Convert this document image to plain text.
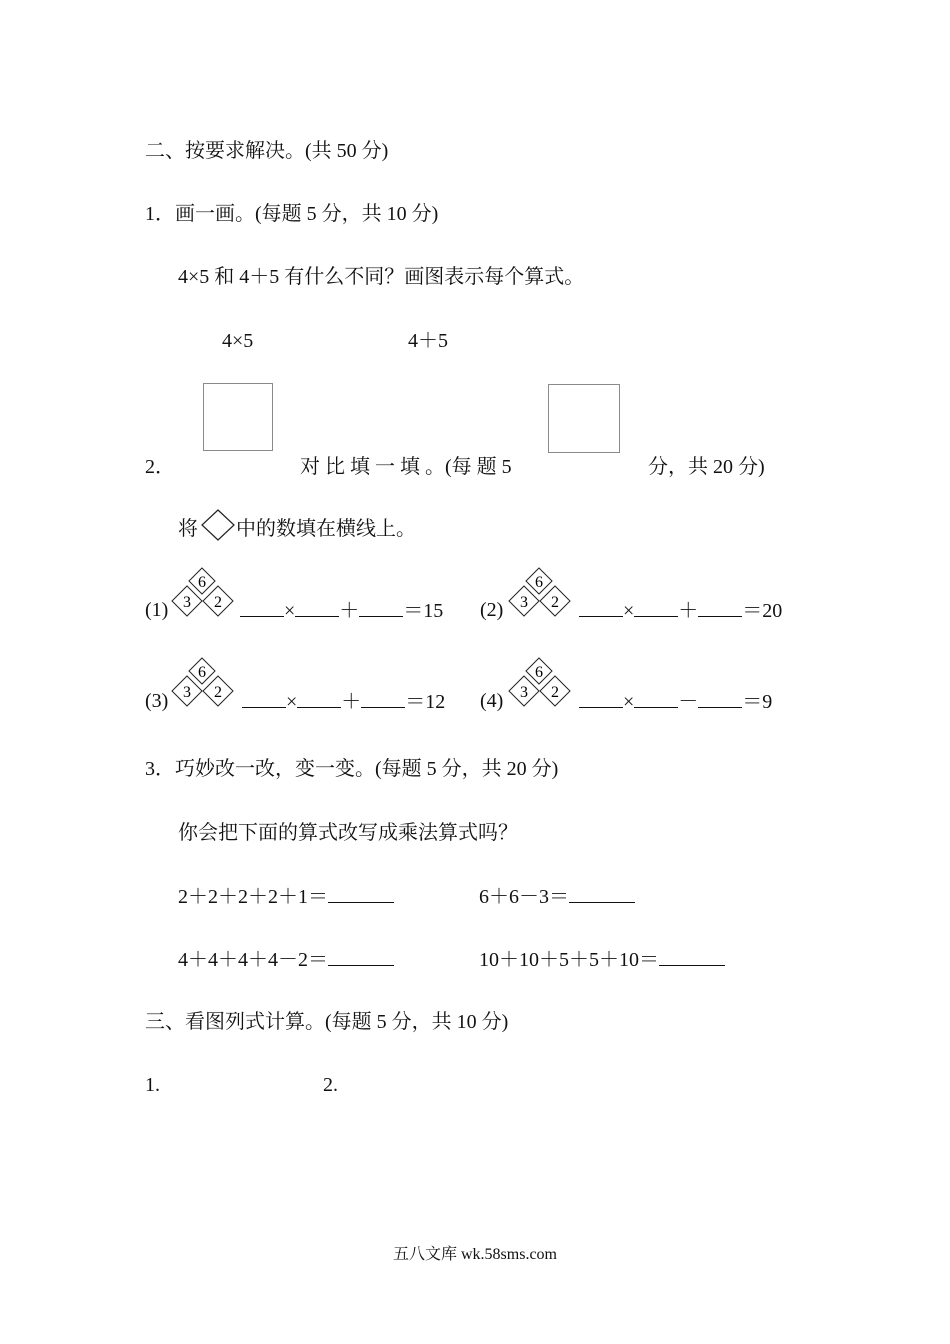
二、按要求解决。(共 50 分)
1．画一画。(每题 5 分，共 10 分)
4×5 和 4＋5 有什么不同？画图表示每个算式。
4×5	4＋5
2．	对 比 填 一 填 。(每 题 5	分，共 20 分)
将 中的数填在横线上。
(1)
6
3 2	× ＋ ＝15 (2)
6
3 2	× ＋ ＝20
(3)
6
3 2	× ＋ ＝12 (4)
6
3 2	× － ＝9
3．巧妙改一改，变一变。(每题 5 分，共 20 分)
你会把下面的算式改写成乘法算式吗？
2＋2＋2＋2＋1＝	6＋6－3＝
4＋4＋4＋4－2＝	10＋10＋5＋5＋10＝
三、看图列式计算。(每题 5 分，共 10 分)
1.	2.
五八文库 wk.58sms.com
